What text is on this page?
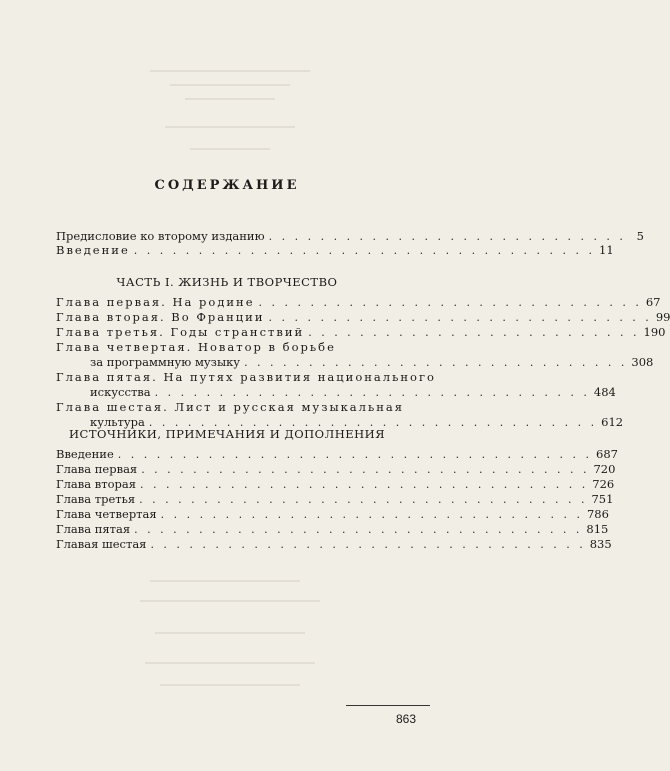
СОДЕРЖАНИЕ
Предисловие ко второму изданию . . . . . . . . . . . . . . . . . . . . . . . . . . . . 5
Введение . . . . . . . . . . . . . . . . . . . . . . . . . . . . . . . . . . . . 11
ЧАСТЬ I. ЖИЗНЬ И ТВОРЧЕСТВО
Глава первая. На родине . . . . . . . . . . . . . . . . . . . . . . . . . . . . . . 67
Глава вторая. Во Франции . . . . . . . . . . . . . . . . . . . . . . . . . . . . . . 99
Глава третья. Годы странствий . . . . . . . . . . . . . . . . . . . . . . . . . . 190
Глава четвертая. Новатор в борьбе
за программную музыку . . . . . . . . . . . . . . . . . . . . . . . . . . . . . . 308
Глава пятая. На путях развития национального
искусства . . . . . . . . . . . . . . . . . . . . . . . . . . . . . . . . . . 484
Глава шестая. Лист и русская музыкальная
культура . . . . . . . . . . . . . . . . . . . . . . . . . . . . . . . . . . . 612
ИСТОЧНИКИ, ПРИМЕЧАНИЯ И ДОПОЛНЕНИЯ
Введение . . . . . . . . . . . . . . . . . . . . . . . . . . . . . . . . . . . . . 687
Глава первая . . . . . . . . . . . . . . . . . . . . . . . . . . . . . . . . . . . 720
Глава вторая . . . . . . . . . . . . . . . . . . . . . . . . . . . . . . . . . . . 726
Глава третья . . . . . . . . . . . . . . . . . . . . . . . . . . . . . . . . . . . 751
Глава четвертая . . . . . . . . . . . . . . . . . . . . . . . . . . . . . . . . . 786
Глава пятая . . . . . . . . . . . . . . . . . . . . . . . . . . . . . . . . . . . 815
Главая шестая . . . . . . . . . . . . . . . . . . . . . . . . . . . . . . . . . . 835
863
